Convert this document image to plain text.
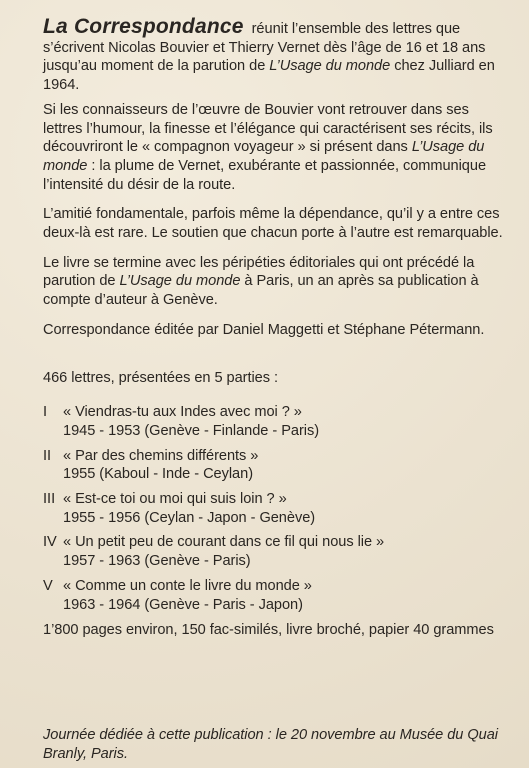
La Correspondance réunit l’ensemble des lettres que s’écrivent Nicolas Bouvier et Thierry Vernet dès l’âge de 16 et 18 ans jusqu’au moment de la parution de L’Usage du monde chez Julliard en 1964.

Si les connaisseurs de l’œuvre de Bouvier vont retrouver dans ses lettres l’humour, la finesse et l’élégance qui caractérisent ses récits, ils découvriront le « compagnon voyageur » si présent dans L’Usage du monde : la plume de Vernet, exubérante et passionnée, communique l’intensité du désir de la route.

L’amitié fondamentale, parfois même la dépendance, qu’il y a entre ces deux-là est rare. Le soutien que chacun porte à l’autre est remarquable.

Le livre se termine avec les péripéties éditoriales qui ont précédé la parution de L’Usage du monde à Paris, un an après sa publication à compte d’auteur à Genève.

Correspondance éditée par Daniel Maggetti et Stéphane Pétermann.

466 lettres, présentées en 5 parties :

I	« Viendras-tu aux Indes avec moi ? »

1945 - 1953 (Genève - Finlande - Paris)

II « Par des chemins différents »

1955 (Kaboul - Inde - Ceylan)

III « Est-ce toi ou moi qui suis loin ? »

1955 - 1956 (Ceylan - Japon - Genève)

IV « Un petit peu de courant dans ce fil qui nous lie »

1957 - 1963 (Genève - Paris)

V « Comme un conte le livre du monde »

1963 - 1964 (Genève - Paris - Japon)

1’800 pages environ, 150 fac-similés, livre broché, papier 40 grammes

Journée dédiée à cette publication : le 20 novembre au Musée du Quai Branly, Paris.
